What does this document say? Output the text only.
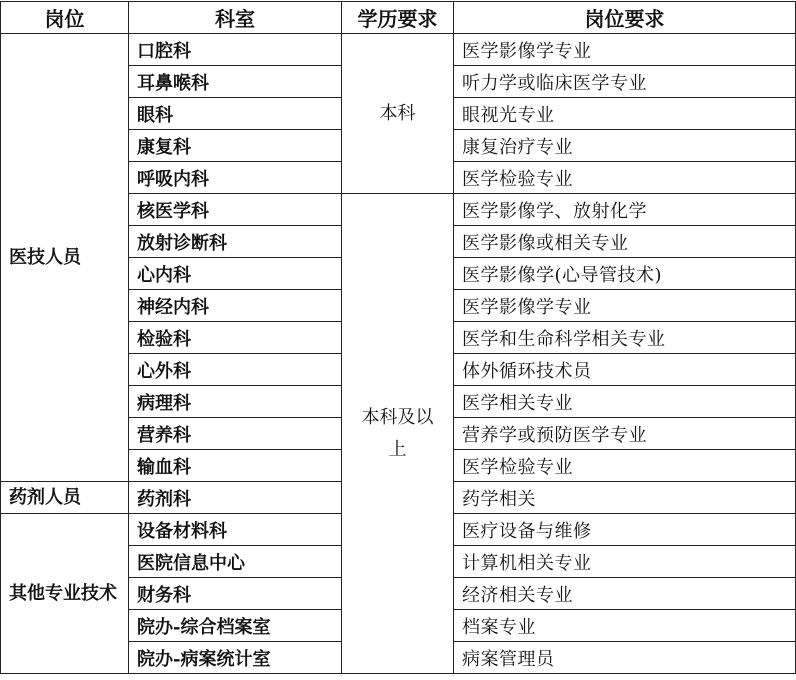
岗位	科室	学历要求	岗位要求
医技人员	口腔科	本科	医学影像学专业
	耳鼻喉科		听力学或临床医学专业
	眼科		眼视光专业
	康复科		康复治疗专业
	呼吸内科		医学检验专业
	核医学科	本科及以上	医学影像学、放射化学
	放射诊断科		医学影像或相关专业
	心内科		医学影像学(心导管技术)
	神经内科		医学影像学专业
	检验科		医学和生命科学相关专业
	心外科		体外循环技术员
	病理科		医学相关专业
	营养科		营养学或预防医学专业
	输血科		医学检验专业
药剂人员	药剂科		药学相关
其他专业技术	设备材料科		医疗设备与维修
	医院信息中心		计算机相关专业
	财务科		经济相关专业
	院办-综合档案室		档案专业
	院办-病案统计室		病案管理员
